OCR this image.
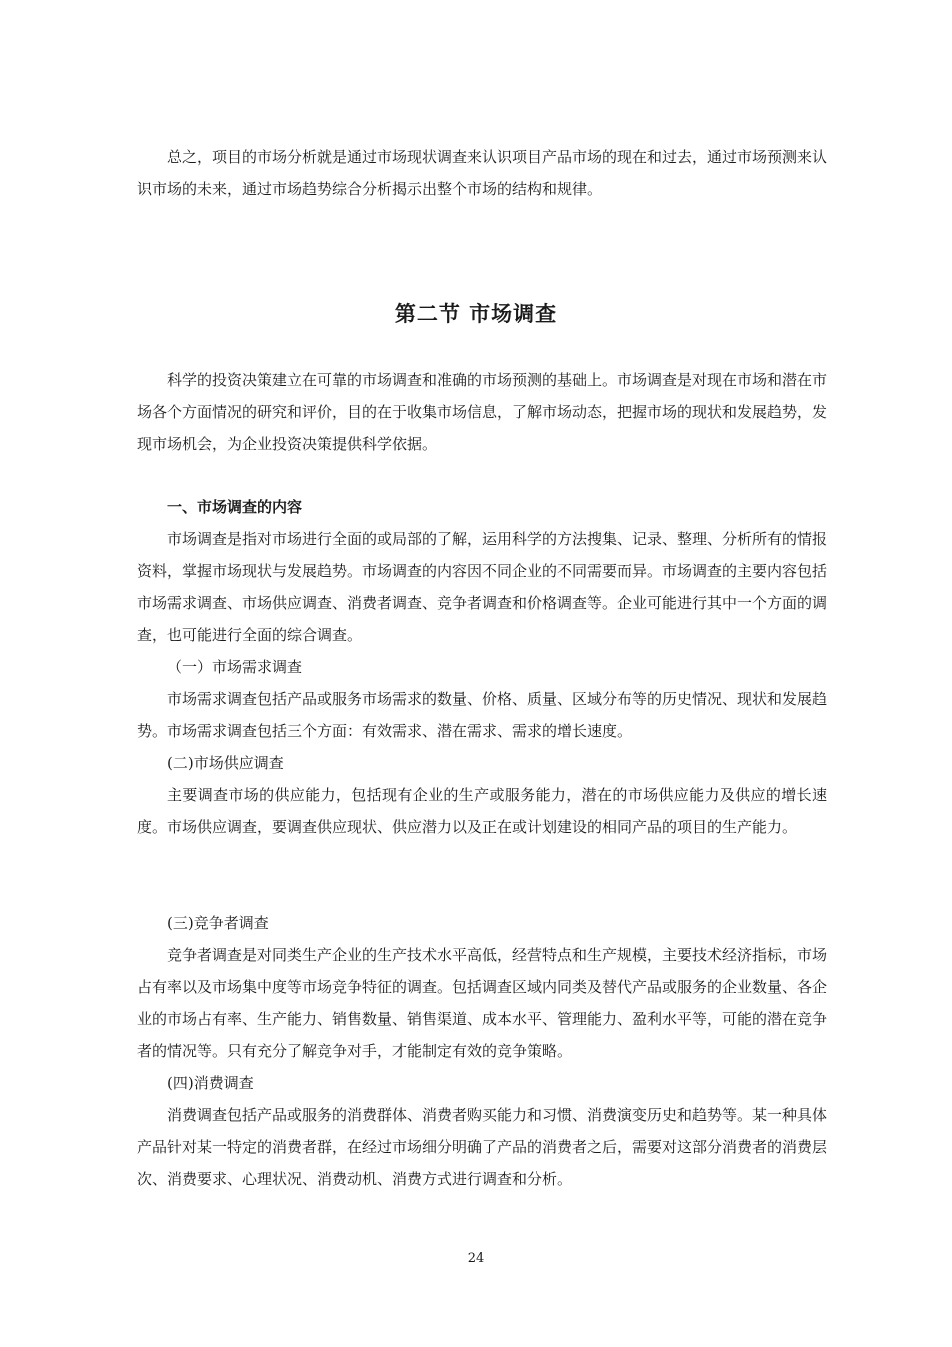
总之，项目的市场分析就是通过市场现状调查来认识项目产品市场的现在和过去，通过市场预测来认识市场的未来，通过市场趋势综合分析揭示出整个市场的结构和规律。

第二节 市场调查

科学的投资决策建立在可靠的市场调查和准确的市场预测的基础上。市场调查是对现在市场和潜在市场各个方面情况的研究和评价，目的在于收集市场信息，了解市场动态，把握市场的现状和发展趋势，发现市场机会，为企业投资决策提供科学依据。

一、市场调查的内容

市场调查是指对市场进行全面的或局部的了解，运用科学的方法搜集、记录、整理、分析所有的情报资料，掌握市场现状与发展趋势。市场调查的内容因不同企业的不同需要而异。市场调查的主要内容包括市场需求调查、市场供应调查、消费者调查、竞争者调查和价格调查等。企业可能进行其中一个方面的调查，也可能进行全面的综合调查。

（一）市场需求调查

市场需求调查包括产品或服务市场需求的数量、价格、质量、区域分布等的历史情况、现状和发展趋势。市场需求调查包括三个方面：有效需求、潜在需求、需求的增长速度。

(二)市场供应调查

主要调查市场的供应能力，包括现有企业的生产或服务能力，潜在的市场供应能力及供应的增长速度。市场供应调查，要调查供应现状、供应潜力以及正在或计划建设的相同产品的项目的生产能力。

(三)竞争者调查

竞争者调查是对同类生产企业的生产技术水平高低，经营特点和生产规模，主要技术经济指标，市场占有率以及市场集中度等市场竞争特征的调查。包括调查区域内同类及替代产品或服务的企业数量、各企业的市场占有率、生产能力、销售数量、销售渠道、成本水平、管理能力、盈利水平等，可能的潜在竞争者的情况等。只有充分了解竞争对手，才能制定有效的竞争策略。

(四)消费调查

消费调查包括产品或服务的消费群体、消费者购买能力和习惯、消费演变历史和趋势等。某一种具体产品针对某一特定的消费者群，在经过市场细分明确了产品的消费者之后，需要对这部分消费者的消费层次、消费要求、心理状况、消费动机、消费方式进行调查和分析。

24
